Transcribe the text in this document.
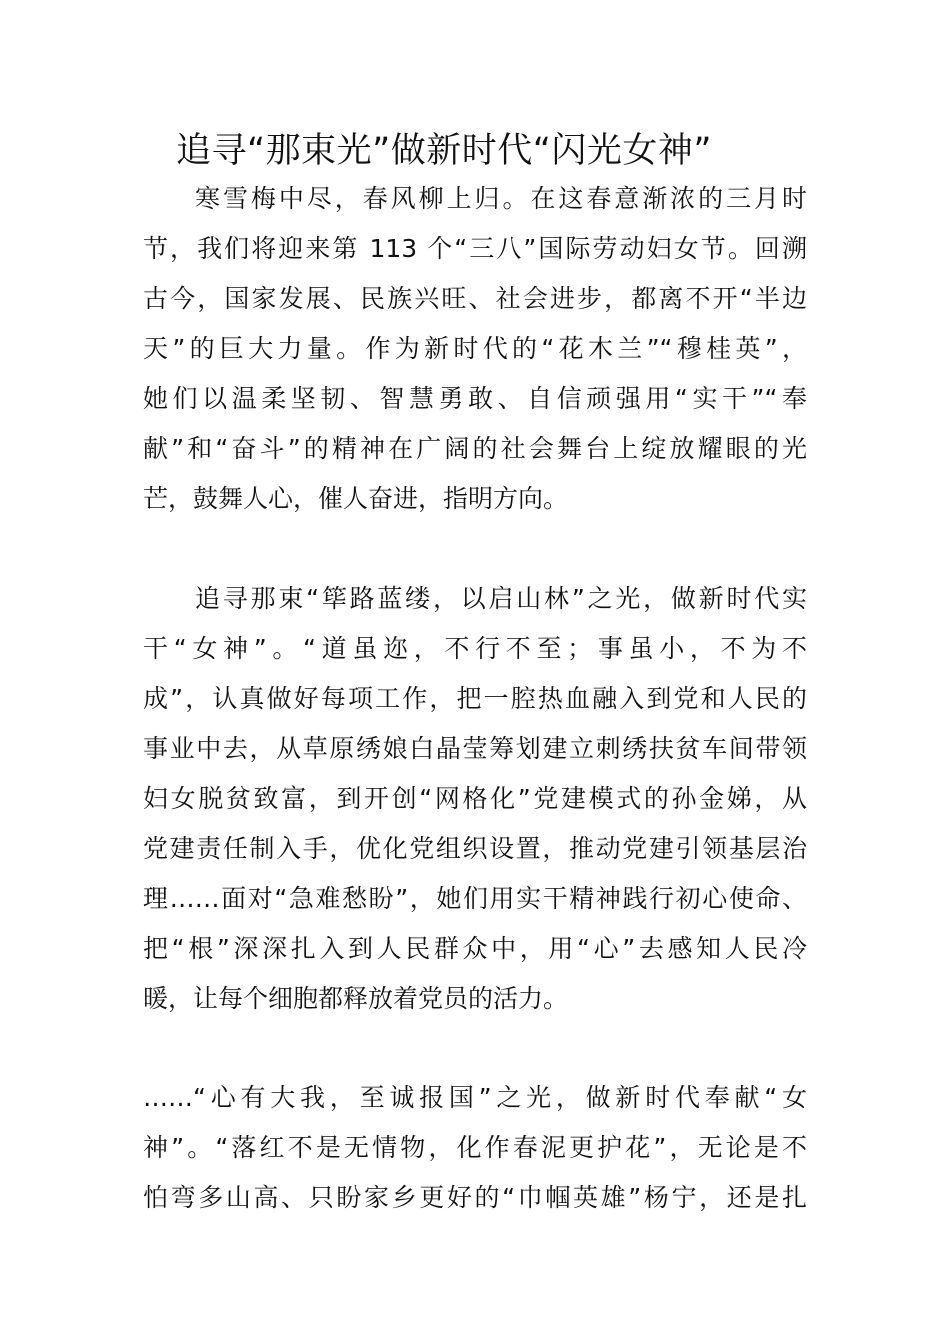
追寻“那束光”做新时代“闪光女神”

寒雪梅中尽，春风柳上归。在这春意渐浓的三月时

节，我们将迎来第 113 个“三八”国际劳动妇女节。回溯

古今，国家发展、民族兴旺、社会进步，都离不开“半边

天”的巨大力量。作为新时代的“花木兰”“穆桂英”，

她们以温柔坚韧、智慧勇敢、自信顽强用“实干”“奉

献”和“奋斗”的精神在广阔的社会舞台上绽放耀眼的光

芒，鼓舞人心，催人奋进，指明方向。

追寻那束“筚路蓝缕，以启山林”之光，做新时代实

干“女神”。“道虽迩，不行不至；事虽小，不为不

成”，认真做好每项工作，把一腔热血融入到党和人民的

事业中去，从草原绣娘白晶莹筹划建立刺绣扶贫车间带领

妇女脱贫致富，到开创“网格化”党建模式的孙金娣，从

党建责任制入手，优化党组织设置，推动党建引领基层治

理……面对“急难愁盼”，她们用实干精神践行初心使命、

把“根”深深扎入到人民群众中，用“心”去感知人民冷

暖，让每个细胞都释放着党员的活力。

……“心有大我，至诚报国”之光，做新时代奉献“女

神”。“落红不是无情物，化作春泥更护花”，无论是不

怕弯多山高、只盼家乡更好的“巾帼英雄”杨宁，还是扎
